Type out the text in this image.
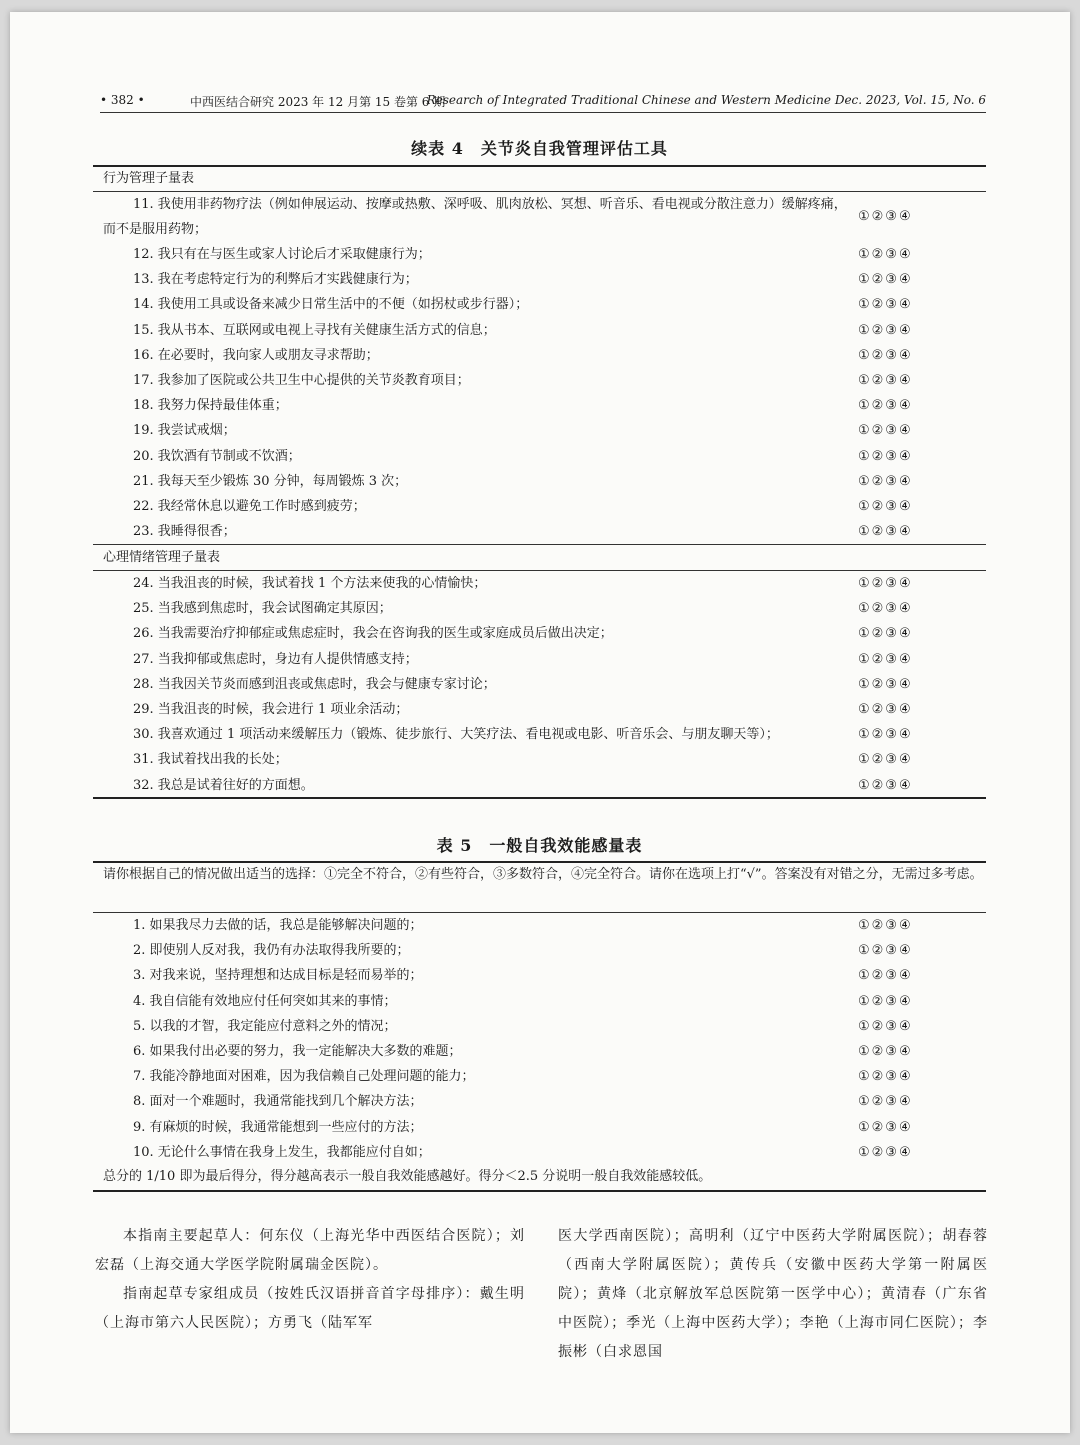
• 382 •	中西医结合研究 2023 年 12 月第 15 卷第 6 期
Research of Integrated Traditional Chinese and Western Medicine Dec. 2023, Vol. 15, No. 6
续表 4　关节炎自我管理评估工具
行为管理子量表
11. 我使用非药物疗法（例如伸展运动、按摩或热敷、深呼吸、肌肉放松、冥想、听音乐、看电视或分散注意力）缓解疼痛，而不是服用药物；
①②③④
12. 我只有在与医生或家人讨论后才采取健康行为；	①②③④
13. 我在考虑特定行为的利弊后才实践健康行为；	①②③④
14. 我使用工具或设备来减少日常生活中的不便（如拐杖或步行器）；	①②③④
15. 我从书本、互联网或电视上寻找有关健康生活方式的信息；	①②③④
16. 在必要时，我向家人或朋友寻求帮助；	①②③④
17. 我参加了医院或公共卫生中心提供的关节炎教育项目；	①②③④
18. 我努力保持最佳体重；	①②③④
19. 我尝试戒烟；	①②③④
20. 我饮酒有节制或不饮酒；	①②③④
21. 我每天至少锻炼 30 分钟，每周锻炼 3 次；	①②③④
22. 我经常休息以避免工作时感到疲劳；	①②③④
23. 我睡得很香；	①②③④
心理情绪管理子量表
24. 当我沮丧的时候，我试着找 1 个方法来使我的心情愉快；	①②③④
25. 当我感到焦虑时，我会试图确定其原因；	①②③④
26. 当我需要治疗抑郁症或焦虑症时，我会在咨询我的医生或家庭成员后做出决定；	①②③④
27. 当我抑郁或焦虑时，身边有人提供情感支持；	①②③④
28. 当我因关节炎而感到沮丧或焦虑时，我会与健康专家讨论；	①②③④
29. 当我沮丧的时候，我会进行 1 项业余活动；	①②③④
30. 我喜欢通过 1 项活动来缓解压力（锻炼、徒步旅行、大笑疗法、看电视或电影、听音乐会、与朋友聊天等）；	①②③④
31. 我试着找出我的长处；	①②③④
32. 我总是试着往好的方面想。	①②③④
表 5　一般自我效能感量表
请你根据自己的情况做出适当的选择：①完全不符合，②有些符合，③多数符合，④完全符合。请你在选项上打“√”。答案没有对错之分，无需过多考虑。
1. 如果我尽力去做的话，我总是能够解决问题的；	①②③④
2. 即使别人反对我，我仍有办法取得我所要的；	①②③④
3. 对我来说，坚持理想和达成目标是轻而易举的；	①②③④
4. 我自信能有效地应付任何突如其来的事情；	①②③④
5. 以我的才智，我定能应付意料之外的情况；	①②③④
6. 如果我付出必要的努力，我一定能解决大多数的难题；	①②③④
7. 我能冷静地面对困难，因为我信赖自己处理问题的能力；	①②③④
8. 面对一个难题时，我通常能找到几个解决方法；	①②③④
9. 有麻烦的时候，我通常能想到一些应付的方法；	①②③④
10. 无论什么事情在我身上发生，我都能应付自如；	①②③④
总分的 1/10 即为最后得分，得分越高表示一般自我效能感越好。得分＜2.5 分说明一般自我效能感较低。

本指南主要起草人：何东仪（上海光华中西医结合医院）；刘宏磊（上海交通大学医学院附属瑞金医院）。

指南起草专家组成员（按姓氏汉语拼音首字母排序）：戴生明（上海市第六人民医院）；方勇飞（陆军军

医大学西南医院）；高明利（辽宁中医药大学附属医院）；胡春蓉（西南大学附属医院）；黄传兵（安徽中医药大学第一附属医院）；黄烽（北京解放军总医院第一医学中心）；黄清春（广东省中医院）；季光（上海中医药大学）；李艳（上海市同仁医院）；李振彬（白求恩国
